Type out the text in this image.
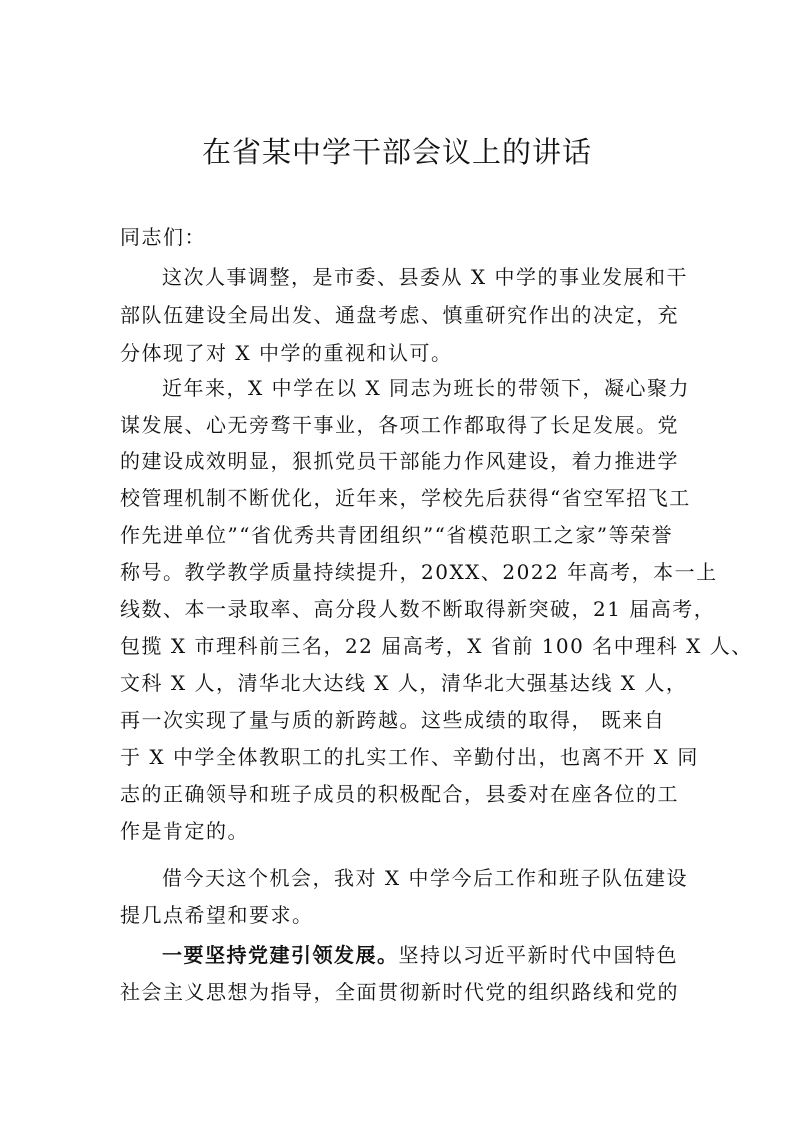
在省某中学干部会议上的讲话
同志们：
这次人事调整，是市委、县委从 X 中学的事业发展和干
部队伍建设全局出发、通盘考虑、慎重研究作出的决定，充
分体现了对 X 中学的重视和认可。
近年来，X 中学在以 X 同志为班长的带领下，凝心聚力
谋发展、心无旁骛干事业，各项工作都取得了长足发展。党
的建设成效明显，狠抓党员干部能力作风建设，着力推进学
校管理机制不断优化，近年来，学校先后获得“省空军招飞工
作先进单位”“省优秀共青团组织”“省模范职工之家”等荣誉
称号。教学教学质量持续提升，20XX、2022 年高考，本一上
线数、本一录取率、高分段人数不断取得新突破，21 届高考，
包揽 X 市理科前三名，22 届高考，X 省前 100 名中理科 X 人、
文科 X 人，清华北大达线 X 人，清华北大强基达线 X 人，
再一次实现了量与质的新跨越。这些成绩的取得， 既来自
于 X 中学全体教职工的扎实工作、辛勤付出，也离不开 X 同
志的正确领导和班子成员的积极配合，县委对在座各位的工
作是肯定的。
借今天这个机会，我对 X 中学今后工作和班子队伍建设
提几点希望和要求。
一要坚持党建引领发展。坚持以习近平新时代中国特色
社会主义思想为指导，全面贯彻新时代党的组织路线和党的
